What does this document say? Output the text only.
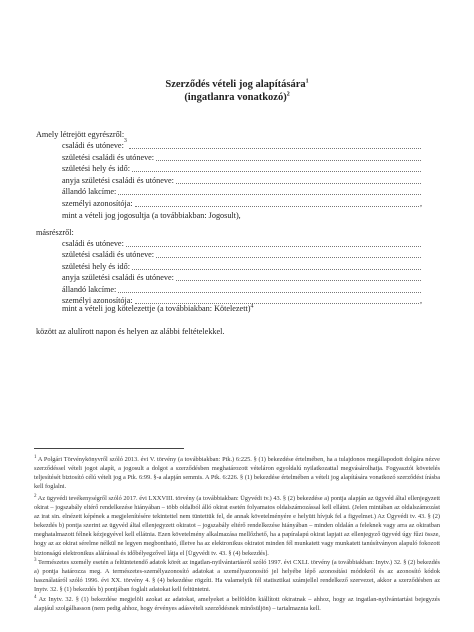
Szerződés vételi jog alapítására$^1$
(ingatlanra vonatkozó)$^2$
Amely létrejött egyrészről:
családi és utóneve: 3
születési családi és utóneve:
születési hely és idő:
anyja születési családi és utóneve:
állandó lakcíme:
személyi azonosítója:	,
mint a vételi jog jogosultja (a továbbiakban: Jogosult),
másrészről:
családi és utóneve:
születési családi és utóneve:
születési hely és idő:
anyja születési családi és utóneve:
állandó lakcíme:
személyi azonosítója:	,
mint a vételi jog kötelezettje (a továbbiakban: Kötelezett)$^4$
között az alulírott napon és helyen az alábbi feltételekkel.
$^1$ A Polgári Törvénykönyvről szóló 2013. évi V. törvény (a továbbiakban: Ptk.) 6:225. § (1) bekezdése értelmében, ha a tulajdonos megállapodott dolgára nézve szerződéssel vételi jogot alapít, a jogosult a dolgot a szerződésben meghatározott vételáron egyoldalú nyilatkozattal megvásárolhatja. Fogyasztói követelés teljesítését biztosító célú vételi jog a Ptk. 6:99. §-a alapján semmis. A Ptk. 6:226. § (1) bekezdése értelmében a vételi jog alapítására vonatkozó szerződést írásba kell foglalni.
$^2$ Az ügyvédi tevékenységről szóló 2017. évi LXXVIII. törvény (a továbbiakban: Ügyvédi tv.) 43. § (2) bekezdése a) pontja alapján az ügyvéd által ellenjegyzett okirat – jogszabály eltérő rendelkezése hiányában – több oldalból álló okirat esetén folyamatos oldalszámozással kell ellátni. (Jelen mintában az oldalszámozást az irat sin. elnézett képének a megjelenítésére tekintettel nem tüntettük fel, de annak követelményére e helyütt hívjuk fel a figyelmet.) Az Ügyvédi tv. 43. § (2) bekezdés b) pontja szerint az ügyvéd által ellenjegyzett okiratot – jogszabály eltérő rendelkezése hiányában – minden oldalán a feleknek vagy arra az okiratban meghatalmazott félnek kézjegyével kell ellátnia. Ezen követelmény alkalmazása mellőzhető, ha a papíralapú okirat lapjait az ellenjegyző ügyvéd úgy fűzi össze, hogy az az okirat sérelme nélkül ne legyen megbontható, illetve ha az elektronikus okiratot minden fél munkatett vagy munkatett tanúsítványon alapuló fokozott biztonságú elektronikus aláírással és időbélyegzővel látja el [Ügyvédi tv. 43. § (4) bekezdés].
$^3$ Természetes személy esetén a feltüntetendő adatok körét az ingatlan-nyilvántartásról szóló 1997. évi CXLI. törvény (a továbbiakban: Inytv.) 32. § (2) bekezdés a) pontja határozza meg. A természetes-személyazonosító adatokat a személyazonosító jel helyébe lépő azonosítási módokról és az azonosító kódok használatáról szóló 1996. évi XX. törvény 4. § (4) bekezdése rögzíti. Ha valamelyik fél statisztikai számjellel rendelkező szervezet, akkor a szerződésben az Inytv. 32. § (1) bekezdés b) pontjában foglalt adatokat kell feltüntetni.
$^4$ Az Inytv. 32. § (1) bekezdése megjelöli azokat az adatokat, amelyeket a belföldön kiállított okiratnak – ahhoz, hogy az ingatlan-nyilvántartási bejegyzés alapjául szolgálhasson (nem pedig ahhoz, hogy érvényes adásvételi szerződésnek minősüljön) – tartalmaznia kell.
